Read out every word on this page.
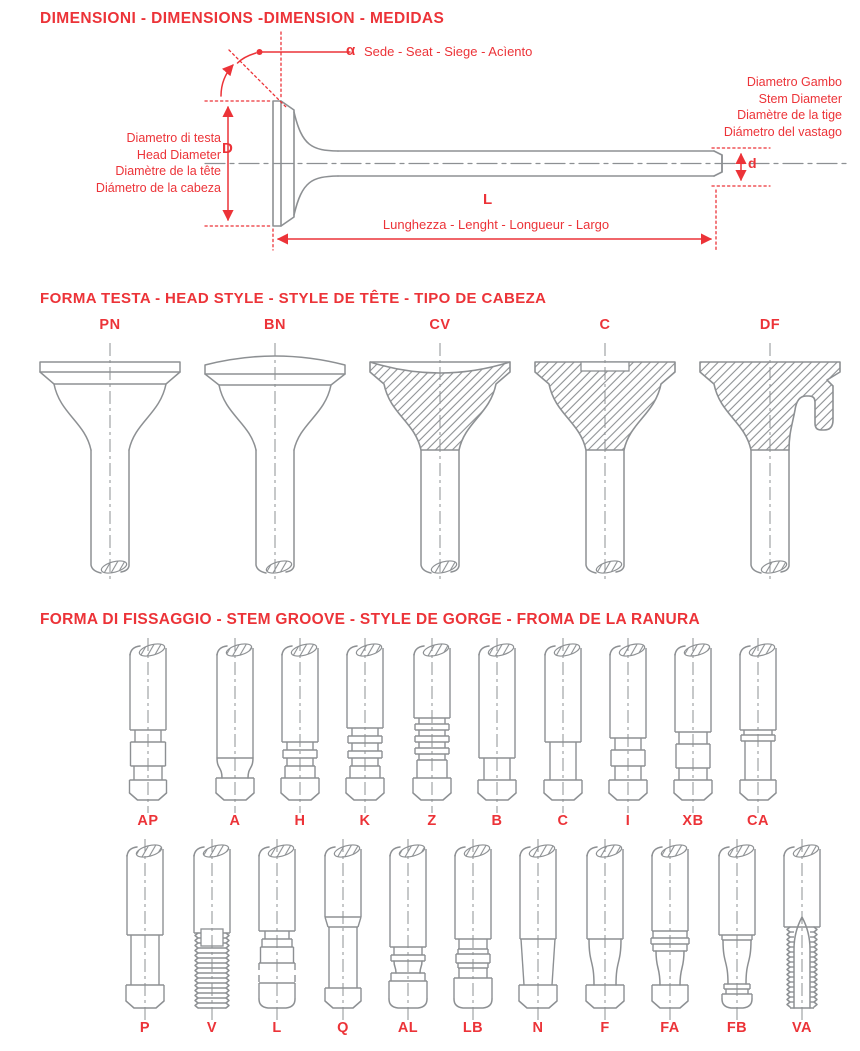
DIMENSIONI - DIMENSIONS -DIMENSION - MEDIDAS
α Sede - Seat - Siege - Acìento
Diametro Gambo
Stem Diameter
Diamètre de la tige
Diámetro del vastago
Diametro di testa
Head Diameter
Diamètre de la tête
Diámetro de la cabeza
D
d
L
Lunghezza - Lenght - Longueur - Largo
FORMA TESTA - HEAD STYLE - STYLE DE TÊTE - TIPO DE CABEZA
FORMA DI FISSAGGIO - STEM GROOVE - STYLE DE GORGE - FROMA DE LA RANURA
PN	BN	CV	C	DF
AP	A	H	K	Z	B	C	I	XB	CA
P	V	L	Q	AL	LB	N	F	FA	FB	VA
